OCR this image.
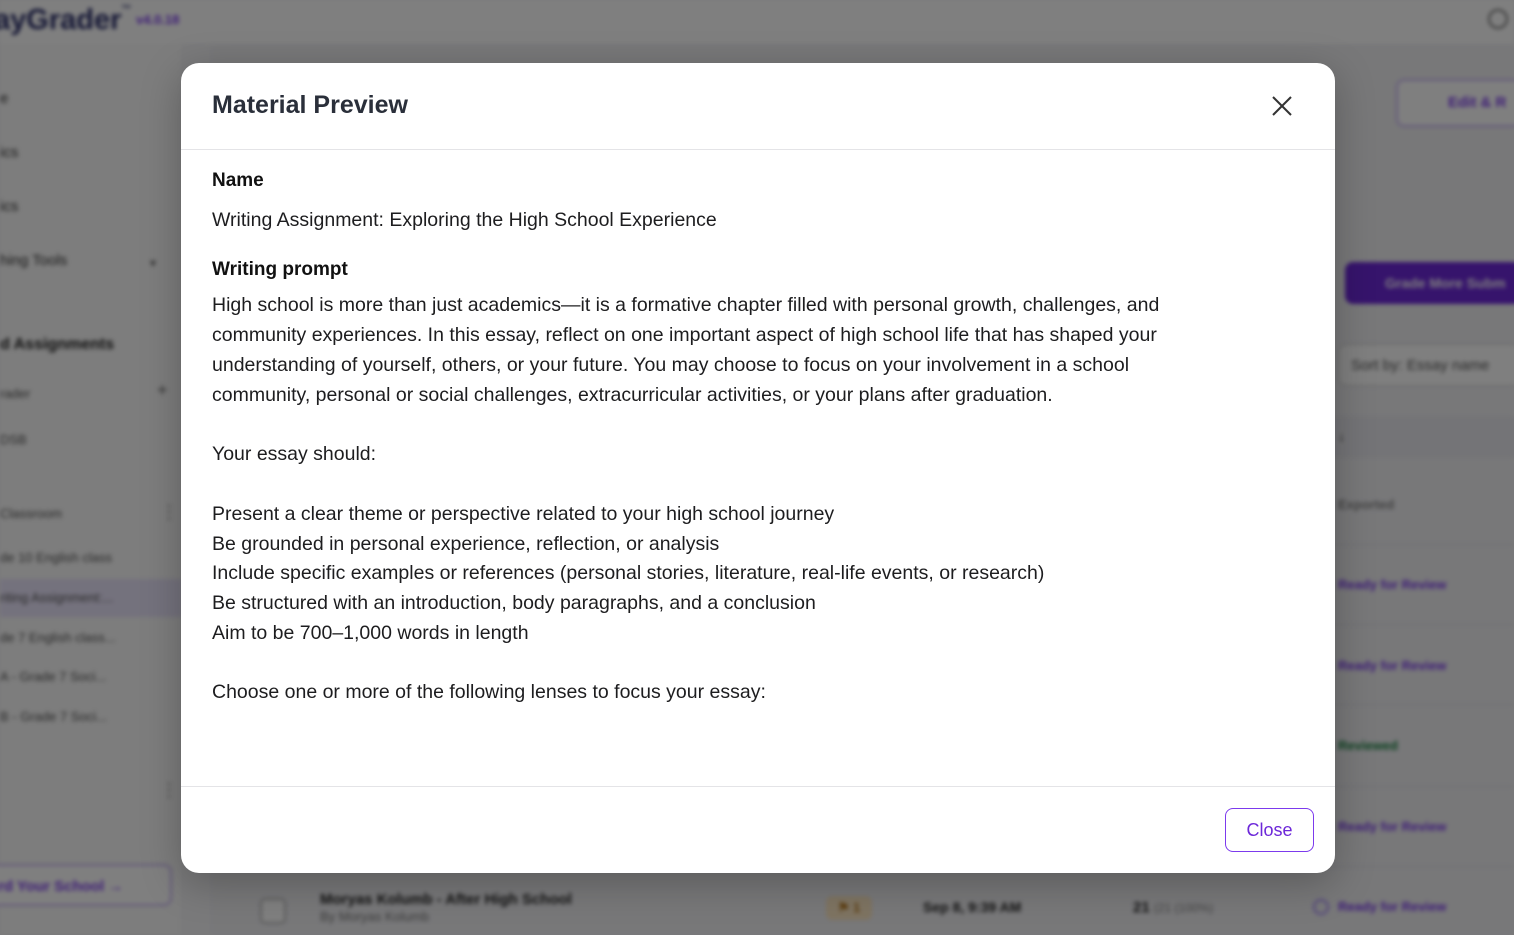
Material Preview
Name
Writing Assignment: Exploring the High School Experience
Writing prompt
High school is more than just academics—it is a formative chapter filled with personal growth, challenges, and
community experiences. In this essay, reflect on one important aspect of high school life that has shaped your
understanding of yourself, others, or your future. You may choose to focus on your involvement in a school
community, personal or social challenges, extracurricular activities, or your plans after graduation.
Your essay should:
Present a clear theme or perspective related to your high school journey
Be grounded in personal experience, reflection, or analysis
Include specific examples or references (personal stories, literature, real-life events, or research)
Be structured with an introduction, body paragraphs, and a conclusion
Aim to be 700–1,000 words in length
Choose one or more of the following lenses to focus your essay:
Close
